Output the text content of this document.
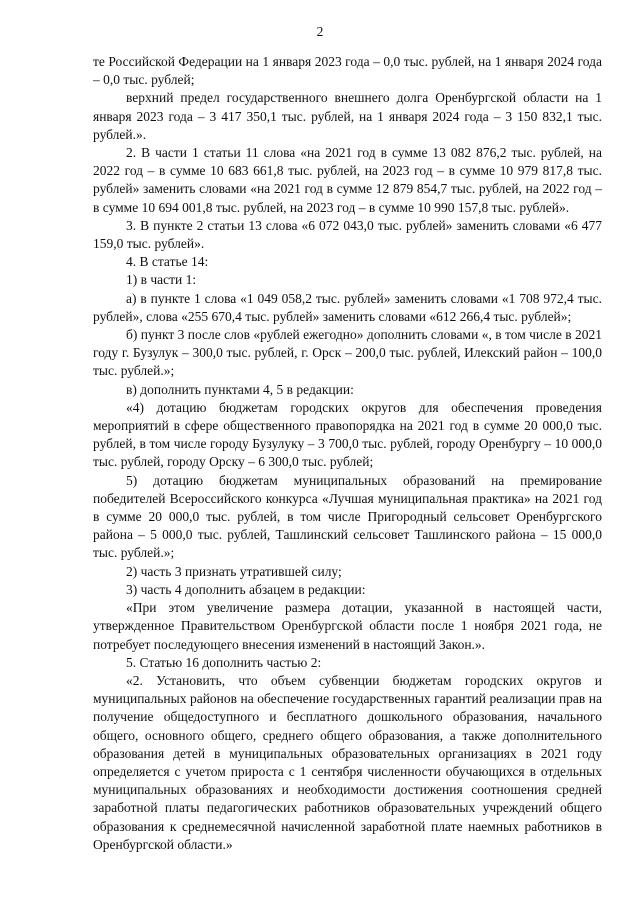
2

те Российской Федерации на 1 января 2023 года – 0,0 тыс. рублей, на 1 января 2024 года – 0,0 тыс. рублей;

верхний предел государственного внешнего долга Оренбургской области на 1 января 2023 года – 3 417 350,1 тыс. рублей, на 1 января 2024 года – 3 150 832,1 тыс. рублей.».

2. В части 1 статьи 11 слова «на 2021 год в сумме 13 082 876,2 тыс. рублей, на 2022 год – в сумме 10 683 661,8 тыс. рублей, на 2023 год – в сумме 10 979 817,8 тыс. рублей» заменить словами «на 2021 год в сумме 12 879 854,7 тыс. рублей, на 2022 год – в сумме 10 694 001,8 тыс. рублей, на 2023 год – в сумме 10 990 157,8 тыс. рублей».

3. В пункте 2 статьи 13 слова «6 072 043,0 тыс. рублей» заменить словами «6 477 159,0 тыс. рублей».

4. В статье 14:

1) в части 1:

а) в пункте 1 слова «1 049 058,2 тыс. рублей» заменить словами «1 708 972,4 тыс. рублей», слова «255 670,4 тыс. рублей» заменить словами «612 266,4 тыс. рублей»;

б) пункт 3 после слов «рублей ежегодно» дополнить словами «, в том числе в 2021 году г. Бузулук – 300,0 тыс. рублей, г. Орск – 200,0 тыс. рублей, Илекский район – 100,0 тыс. рублей.»;

в) дополнить пунктами 4, 5 в редакции:

«4) дотацию бюджетам городских округов для обеспечения проведения мероприятий в сфере общественного правопорядка на 2021 год в сумме 20 000,0 тыс. рублей, в том числе городу Бузулуку – 3 700,0 тыс. рублей, городу Оренбургу – 10 000,0 тыс. рублей, городу Орску – 6 300,0 тыс. рублей;

5) дотацию бюджетам муниципальных образований на премирование победителей Всероссийского конкурса «Лучшая муниципальная практика» на 2021 год в сумме 20 000,0 тыс. рублей, в том числе Пригородный сельсовет Оренбургского района – 5 000,0 тыс. рублей, Ташлинский сельсовет Ташлинского района – 15 000,0 тыс. рублей.»;

2) часть 3 признать утратившей силу;

3) часть 4 дополнить абзацем в редакции:

«При этом увеличение размера дотации, указанной в настоящей части, утвержденное Правительством Оренбургской области после 1 ноября 2021 года, не потребует последующего внесения изменений в настоящий Закон.».

5. Статью 16 дополнить частью 2:

«2. Установить, что объем субвенции бюджетам городских округов и муниципальных районов на обеспечение государственных гарантий реализации прав на получение общедоступного и бесплатного дошкольного образования, начального общего, основного общего, среднего общего образования, а также дополнительного образования детей в муниципальных образовательных организациях в 2021 году определяется с учетом прироста с 1 сентября численности обучающихся в отдельных муниципальных образованиях и необходимости достижения соотношения средней заработной платы педагогических работников образовательных учреждений общего образования к среднемесячной начисленной заработной плате наемных работников в Оренбургской области.»
